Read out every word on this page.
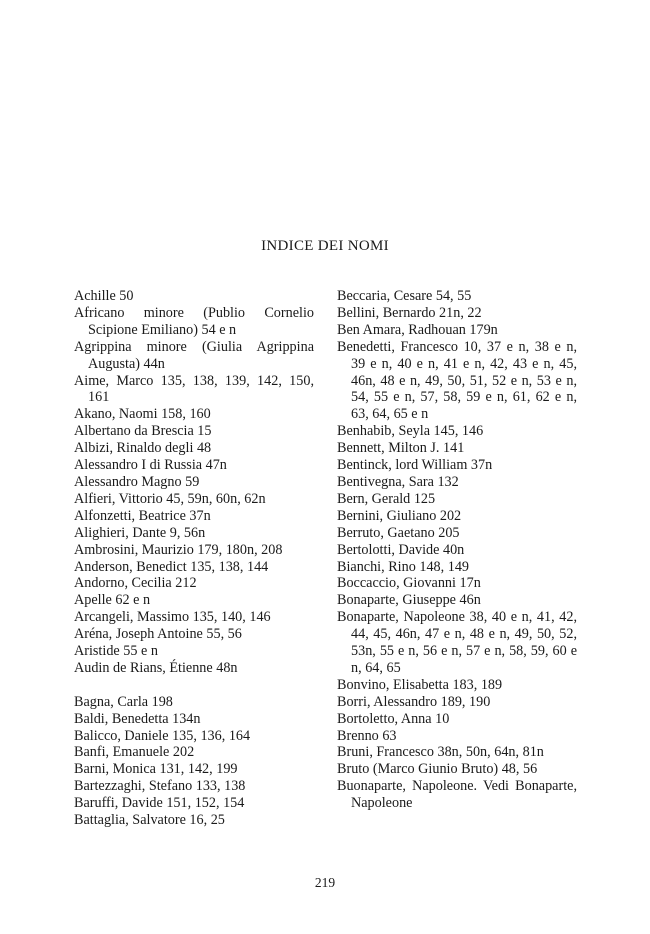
INDICE DEI NOMI
Achille 50
Africano minore (Publio Cornelio Scipione Emiliano) 54 e n
Agrippina minore (Giulia Agrippina Augusta) 44n
Aime, Marco 135, 138, 139, 142, 150, 161
Akano, Naomi 158, 160
Albertano da Brescia 15
Albizi, Rinaldo degli 48
Alessandro I di Russia 47n
Alessandro Magno 59
Alfieri, Vittorio 45, 59n, 60n, 62n
Alfonzetti, Beatrice 37n
Alighieri, Dante 9, 56n
Ambrosini, Maurizio 179, 180n, 208
Anderson, Benedict 135, 138, 144
Andorno, Cecilia 212
Apelle 62 e n
Arcangeli, Massimo 135, 140, 146
Aréna, Joseph Antoine 55, 56
Aristide 55 e n
Audin de Rians, Étienne 48n
Bagna, Carla 198
Baldi, Benedetta 134n
Balicco, Daniele 135, 136, 164
Banfi, Emanuele 202
Barni, Monica 131, 142, 199
Bartezzaghi, Stefano 133, 138
Baruffi, Davide 151, 152, 154
Battaglia, Salvatore 16, 25
Beccaria, Cesare 54, 55
Bellini, Bernardo 21n, 22
Ben Amara, Radhouan 179n
Benedetti, Francesco 10, 37 e n, 38 e n, 39 e n, 40 e n, 41 e n, 42, 43 e n, 45, 46n, 48 e n, 49, 50, 51, 52 e n, 53 e n, 54, 55 e n, 57, 58, 59 e n, 61, 62 e n, 63, 64, 65 e n
Benhabib, Seyla 145, 146
Bennett, Milton J. 141
Bentinck, lord William 37n
Bentivegna, Sara 132
Bern, Gerald 125
Bernini, Giuliano 202
Berruto, Gaetano 205
Bertolotti, Davide 40n
Bianchi, Rino 148, 149
Boccaccio, Giovanni 17n
Bonaparte, Giuseppe 46n
Bonaparte, Napoleone 38, 40 e n, 41, 42, 44, 45, 46n, 47 e n, 48 e n, 49, 50, 52, 53n, 55 e n, 56 e n, 57 e n, 58, 59, 60 e n, 64, 65
Bonvino, Elisabetta 183, 189
Borri, Alessandro 189, 190
Bortoletto, Anna 10
Brenno 63
Bruni, Francesco 38n, 50n, 64n, 81n
Bruto (Marco Giunio Bruto) 48, 56
Buonaparte, Napoleone. Vedi Bonaparte, Napoleone
219
